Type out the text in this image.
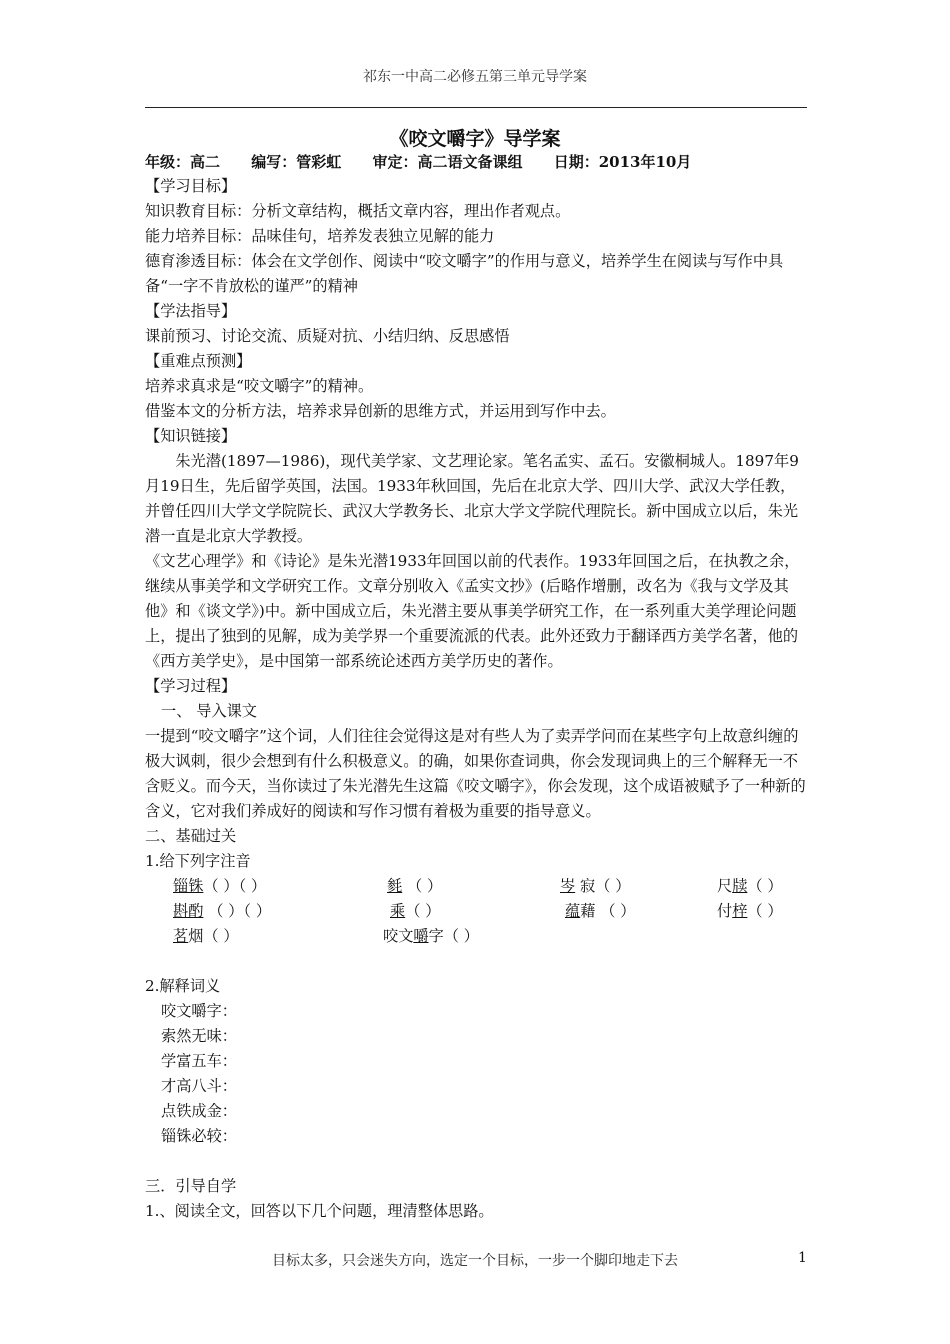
祁东一中高二必修五第三单元导学案
《咬文嚼字》导学案
年级：高二 编写：管彩虹 审定：高二语文备课组 日期：2013年10月

【学习目标】

知识教育目标：分析文章结构，概括文章内容，理出作者观点。

能力培养目标：品味佳句，培养发表独立见解的能力

德育渗透目标：体会在文学创作、阅读中“咬文嚼字”的作用与意义，培养学生在阅读与写作中具备“一字不肯放松的谨严”的精神

【学法指导】

课前预习、讨论交流、质疑对抗、小结归纳、反思感悟

【重难点预测】

培养求真求是“咬文嚼字”的精神。

借鉴本文的分析方法，培养求异创新的思维方式，并运用到写作中去。

【知识链接】

朱光潜(1897—1986)，现代美学家、文艺理论家。笔名孟实、孟石。安徽桐城人。1897年9月19日生，先后留学英国，法国。1933年秋回国，先后在北京大学、四川大学、武汉大学任教，并曾任四川大学文学院院长、武汉大学教务长、北京大学文学院代理院长。新中国成立以后，朱光潜一直是北京大学教授。

《文艺心理学》和《诗论》是朱光潜1933年回国以前的代表作。1933年回国之后，在执教之余，继续从事美学和文学研究工作。文章分别收入《孟实文抄》(后略作增删，改名为《我与文学及其他》和《谈文学》)中。新中国成立后，朱光潜主要从事美学研究工作，在一系列重大美学理论问题上，提出了独到的见解，成为美学界一个重要流派的代表。此外还致力于翻译西方美学名著，他的《西方美学史》，是中国第一部系统论述西方美学历史的著作。

【学习过程】

一、 导入课文

一提到“咬文嚼字”这个词，人们往往会觉得这是对有些人为了卖弄学问而在某些字句上故意纠缠的极大讽刺，很少会想到有什么积极意义。的确，如果你查词典，你会发现词典上的三个解释无一不含贬义。而今天，当你读过了朱光潜先生这篇《咬文嚼字》，你会发现，这个成语被赋予了一种新的含义，它对我们养成好的阅读和写作习惯有着极为重要的指导意义。

二、基础过关

1.给下列字注音

锱铢（ ）（ ）	毵 （ ）	岑 寂（ ）	尺牍（ ）
斟酌 （ ）（ ）	乘（ ）	蕴藉 （ ）	付梓（ ）
茗烟（ ）	咬文嚼字（ ）

2.解释词义

咬文嚼字：

索然无味：

学富五车：

才高八斗：

点铁成金：

锱铢必较：

三．引导自学

1.、阅读全文，回答以下几个问题，理清整体思路。

目标太多，只会迷失方向，选定一个目标，一步一个脚印地走下去	1
